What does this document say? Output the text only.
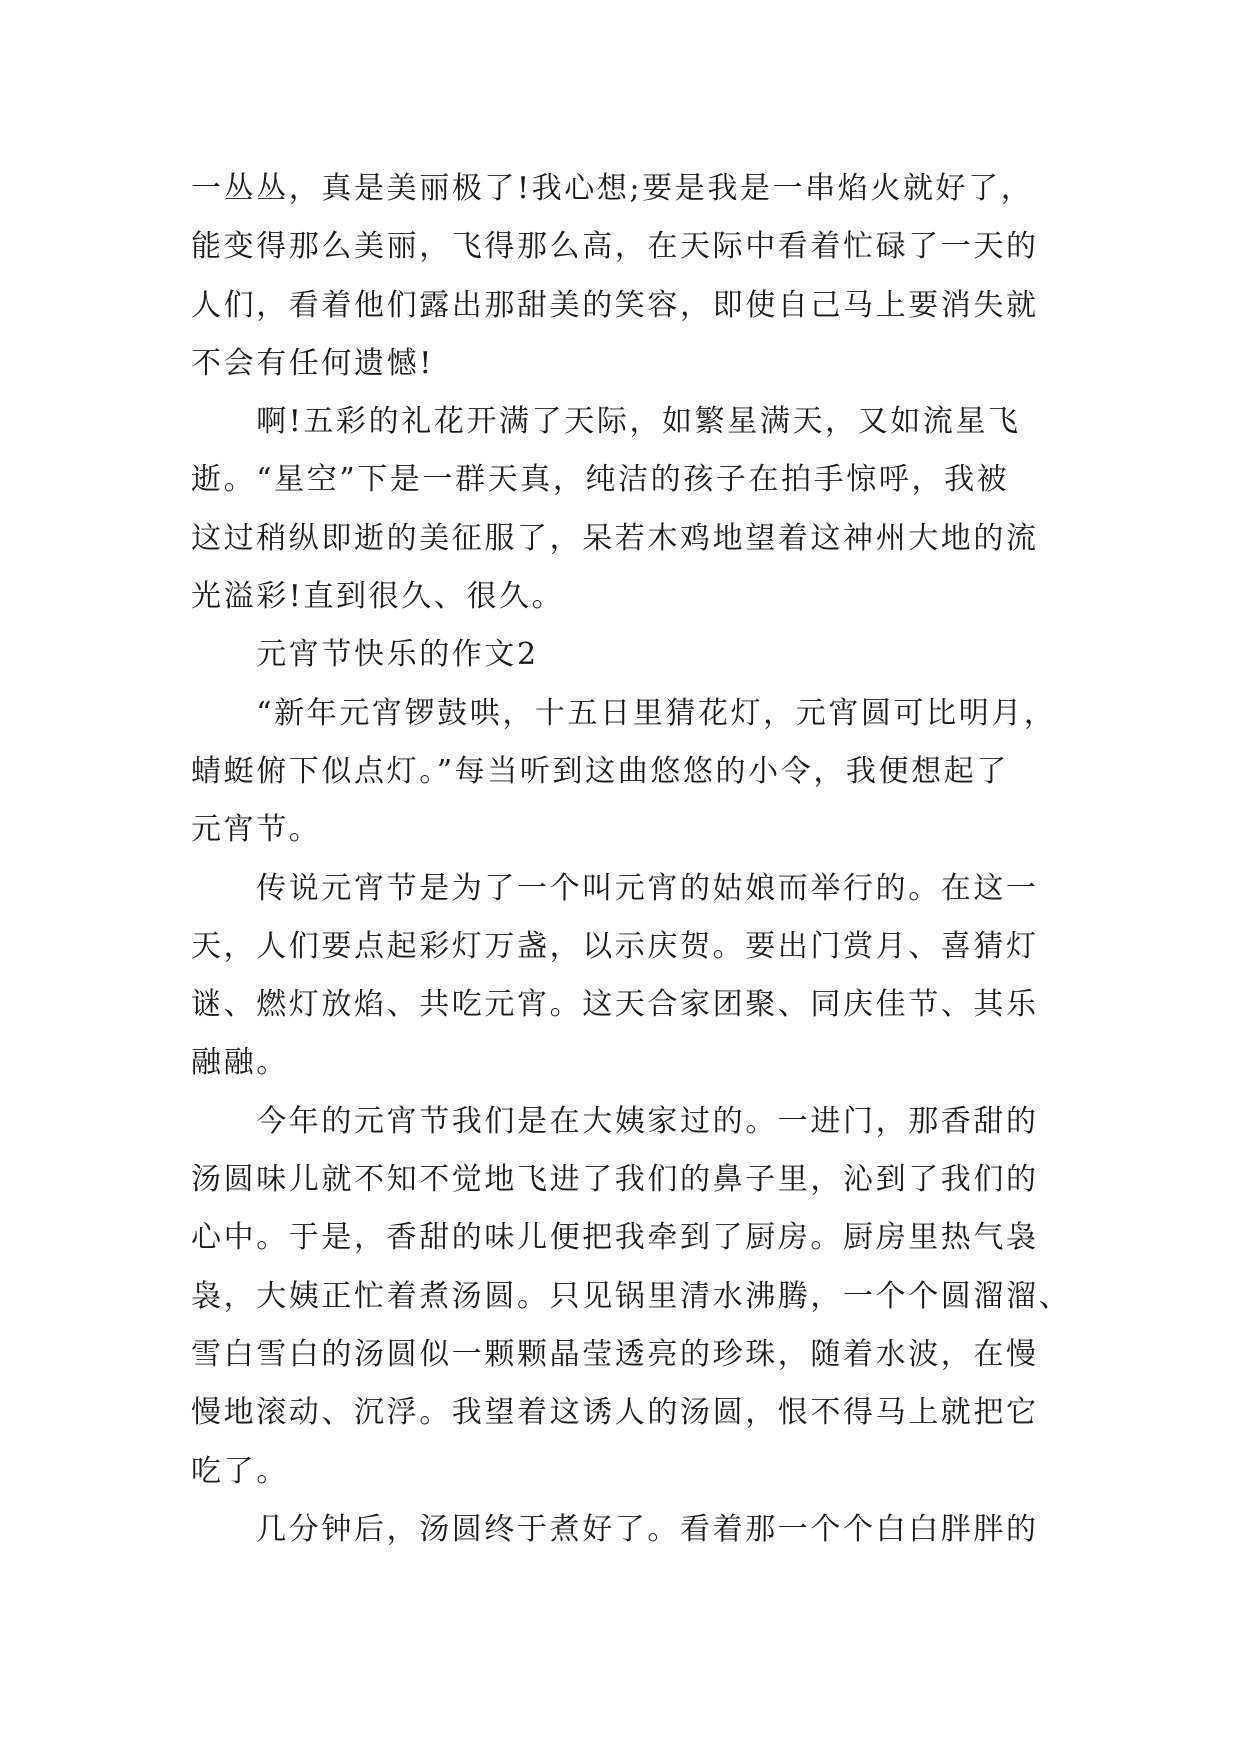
一丛丛，真是美丽极了!我心想;要是我是一串焰火就好了，
能变得那么美丽，飞得那么高，在天际中看着忙碌了一天的
人们，看着他们露出那甜美的笑容，即使自己马上要消失就
不会有任何遗憾!
　　啊!五彩的礼花开满了天际，如繁星满天，又如流星飞
逝。“星空”下是一群天真，纯洁的孩子在拍手惊呼，我被
这过稍纵即逝的美征服了，呆若木鸡地望着这神州大地的流
光溢彩!直到很久、很久。
　　元宵节快乐的作文2
　　“新年元宵锣鼓哄，十五日里猜花灯，元宵圆可比明月，
蜻蜓俯下似点灯。”每当听到这曲悠悠的小令，我便想起了
元宵节。
　　传说元宵节是为了一个叫元宵的姑娘而举行的。在这一
天，人们要点起彩灯万盏，以示庆贺。要出门赏月、喜猜灯
谜、燃灯放焰、共吃元宵。这天合家团聚、同庆佳节、其乐
融融。
　　今年的元宵节我们是在大姨家过的。一进门，那香甜的
汤圆味儿就不知不觉地飞进了我们的鼻子里，沁到了我们的
心中。于是，香甜的味儿便把我牵到了厨房。厨房里热气袅
袅，大姨正忙着煮汤圆。只见锅里清水沸腾，一个个圆溜溜、
雪白雪白的汤圆似一颗颗晶莹透亮的珍珠，随着水波，在慢
慢地滚动、沉浮。我望着这诱人的汤圆，恨不得马上就把它
吃了。
　　几分钟后，汤圆终于煮好了。看着那一个个白白胖胖的
